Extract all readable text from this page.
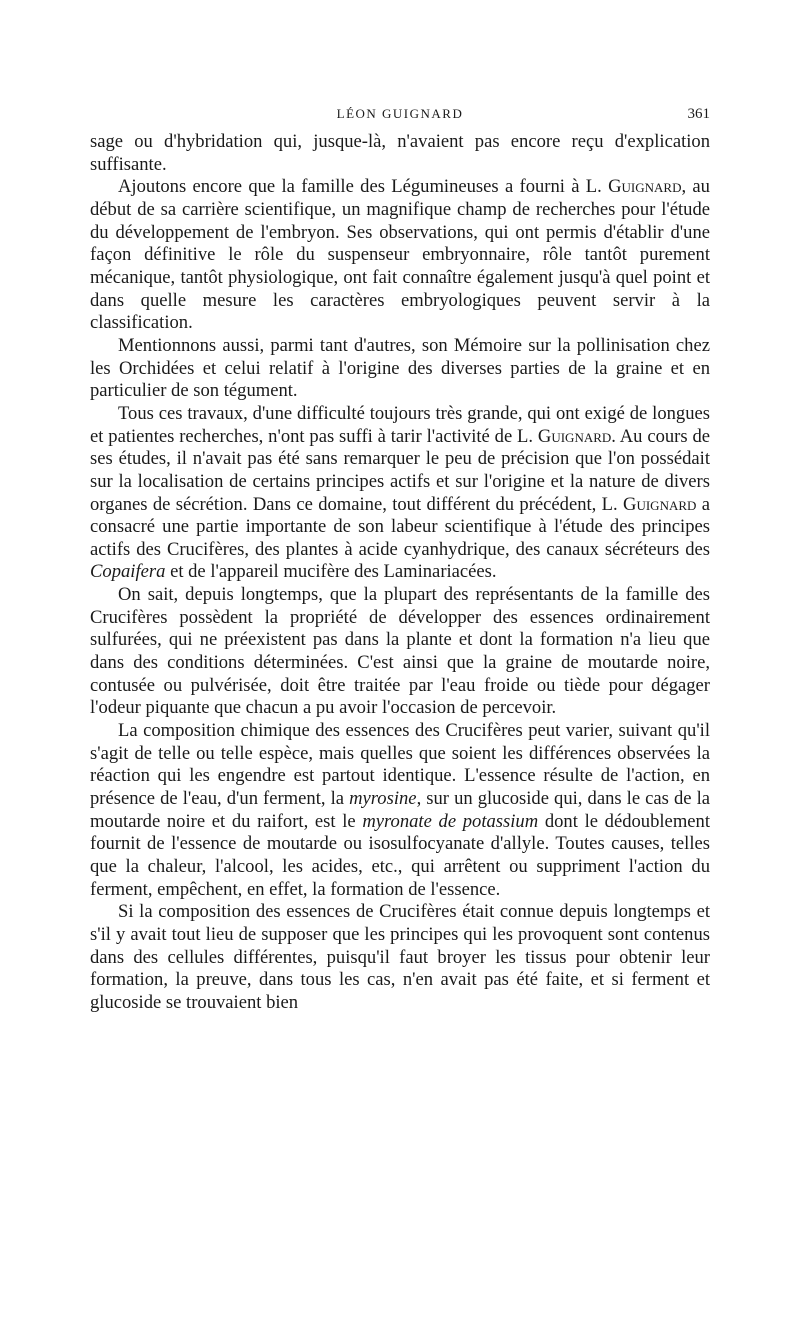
LÉON GUIGNARD	361

sage ou d'hybridation qui, jusque-là, n'avaient pas encore reçu d'explication suffisante.

Ajoutons encore que la famille des Légumineuses a fourni à L. Guignard, au début de sa carrière scientifique, un magnifique champ de recherches pour l'étude du développement de l'embryon. Ses observations, qui ont permis d'établir d'une façon définitive le rôle du suspenseur embryonnaire, rôle tantôt purement mécanique, tantôt physiologique, ont fait connaître également jusqu'à quel point et dans quelle mesure les caractères embryologiques peuvent servir à la classification.

Mentionnons aussi, parmi tant d'autres, son Mémoire sur la pollinisation chez les Orchidées et celui relatif à l'origine des diverses parties de la graine et en particulier de son tégument.

Tous ces travaux, d'une difficulté toujours très grande, qui ont exigé de longues et patientes recherches, n'ont pas suffi à tarir l'activité de L. Guignard. Au cours de ses études, il n'avait pas été sans remarquer le peu de précision que l'on possédait sur la localisation de certains principes actifs et sur l'origine et la nature de divers organes de sécrétion. Dans ce domaine, tout différent du précédent, L. Guignard a consacré une partie importante de son labeur scientifique à l'étude des principes actifs des Crucifères, des plantes à acide cyanhydrique, des canaux sécréteurs des Copaifera et de l'appareil mucifère des Laminariacées.

On sait, depuis longtemps, que la plupart des représentants de la famille des Crucifères possèdent la propriété de développer des essences ordinairement sulfurées, qui ne préexistent pas dans la plante et dont la formation n'a lieu que dans des conditions déterminées. C'est ainsi que la graine de moutarde noire, contusée ou pulvérisée, doit être traitée par l'eau froide ou tiède pour dégager l'odeur piquante que chacun a pu avoir l'occasion de percevoir.

La composition chimique des essences des Crucifères peut varier, suivant qu'il s'agit de telle ou telle espèce, mais quelles que soient les différences observées la réaction qui les engendre est partout identique. L'essence résulte de l'action, en présence de l'eau, d'un ferment, la myrosine, sur un glucoside qui, dans le cas de la moutarde noire et du raifort, est le myronate de potassium dont le dédoublement fournit de l'essence de moutarde ou isosulfocyanate d'allyle. Toutes causes, telles que la chaleur, l'alcool, les acides, etc., qui arrêtent ou suppriment l'action du ferment, empêchent, en effet, la formation de l'essence.

Si la composition des essences de Crucifères était connue depuis longtemps et s'il y avait tout lieu de supposer que les principes qui les provoquent sont contenus dans des cellules différentes, puisqu'il faut broyer les tissus pour obtenir leur formation, la preuve, dans tous les cas, n'en avait pas été faite, et si ferment et glucoside se trouvaient bien
